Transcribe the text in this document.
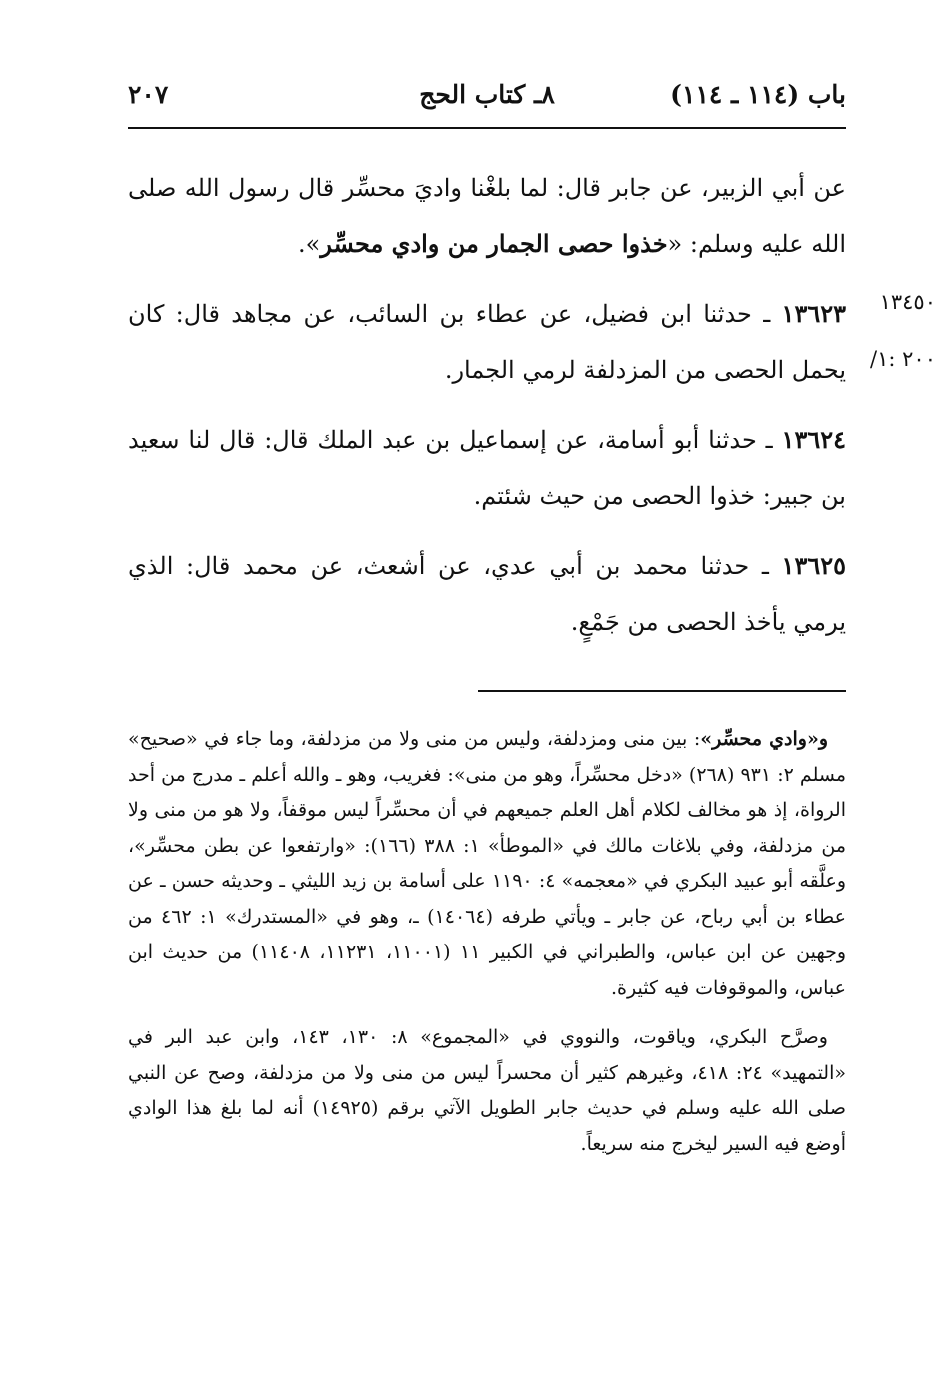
باب (١١٤ ـ ١١٤)
٨ـ كتاب الحج
٢٠٧
١٣٤٥٠
٢٠٠ :١/

عن أبي الزبير، عن جابر قال: لما بلغْنا واديَ محسِّر قال رسول الله صلى الله عليه وسلم: «خذوا حصى الجمار من وادي محسِّر».

١٣٦٢٣ ـ حدثنا ابن فضيل، عن عطاء بن السائب، عن مجاهد قال: كان يحمل الحصى من المزدلفة لرمي الجمار.

١٣٦٢٤ ـ حدثنا أبو أسامة، عن إسماعيل بن عبد الملك قال: قال لنا سعيد بن جبير: خذوا الحصى من حيث شئتم.

١٣٦٢٥ ـ حدثنا محمد بن أبي عدي، عن أشعث، عن محمد قال: الذي يرمي يأخذ الحصى من جَمْعٍ.

و«وادي محسِّر»: بين منى ومزدلفة، وليس من منى ولا من مزدلفة، وما جاء في «صحيح» مسلم ٢: ٩٣١ (٢٦٨) «دخل محسِّراً، وهو من منى»: فغريب، وهو ـ والله أعلم ـ مدرج من أحد الرواة، إذ هو مخالف لكلام أهل العلم جميعهم في أن محسِّراً ليس موقفاً، ولا هو من منى ولا من مزدلفة، وفي بلاغات مالك في «الموطأ» ١: ٣٨٨ (١٦٦): «وارتفعوا عن بطن محسِّر»، وعلَّقه أبو عبيد البكري في «معجمه» ٤: ١١٩٠ على أسامة بن زيد الليثي ـ وحديثه حسن ـ عن عطاء بن أبي رباح، عن جابر ـ ويأتي طرفه (١٤٠٦٤) ـ، وهو في «المستدرك» ١: ٤٦٢ من وجهين عن ابن عباس، والطبراني في الكبير ١١ (١١٠٠١، ١١٢٣١، ١١٤٠٨) من حديث ابن عباس، والموقوفات فيه كثيرة.

وصرَّح البكري، وياقوت، والنووي في «المجموع» ٨: ١٣٠، ١٤٣، وابن عبد البر في «التمهيد» ٢٤: ٤١٨، وغيرهم كثير أن محسراً ليس من منى ولا من مزدلفة، وصح عن النبي صلى الله عليه وسلم في حديث جابر الطويل الآتي برقم (١٤٩٢٥) أنه لما بلغ هذا الوادي أوضع فيه السير ليخرج منه سريعاً.
